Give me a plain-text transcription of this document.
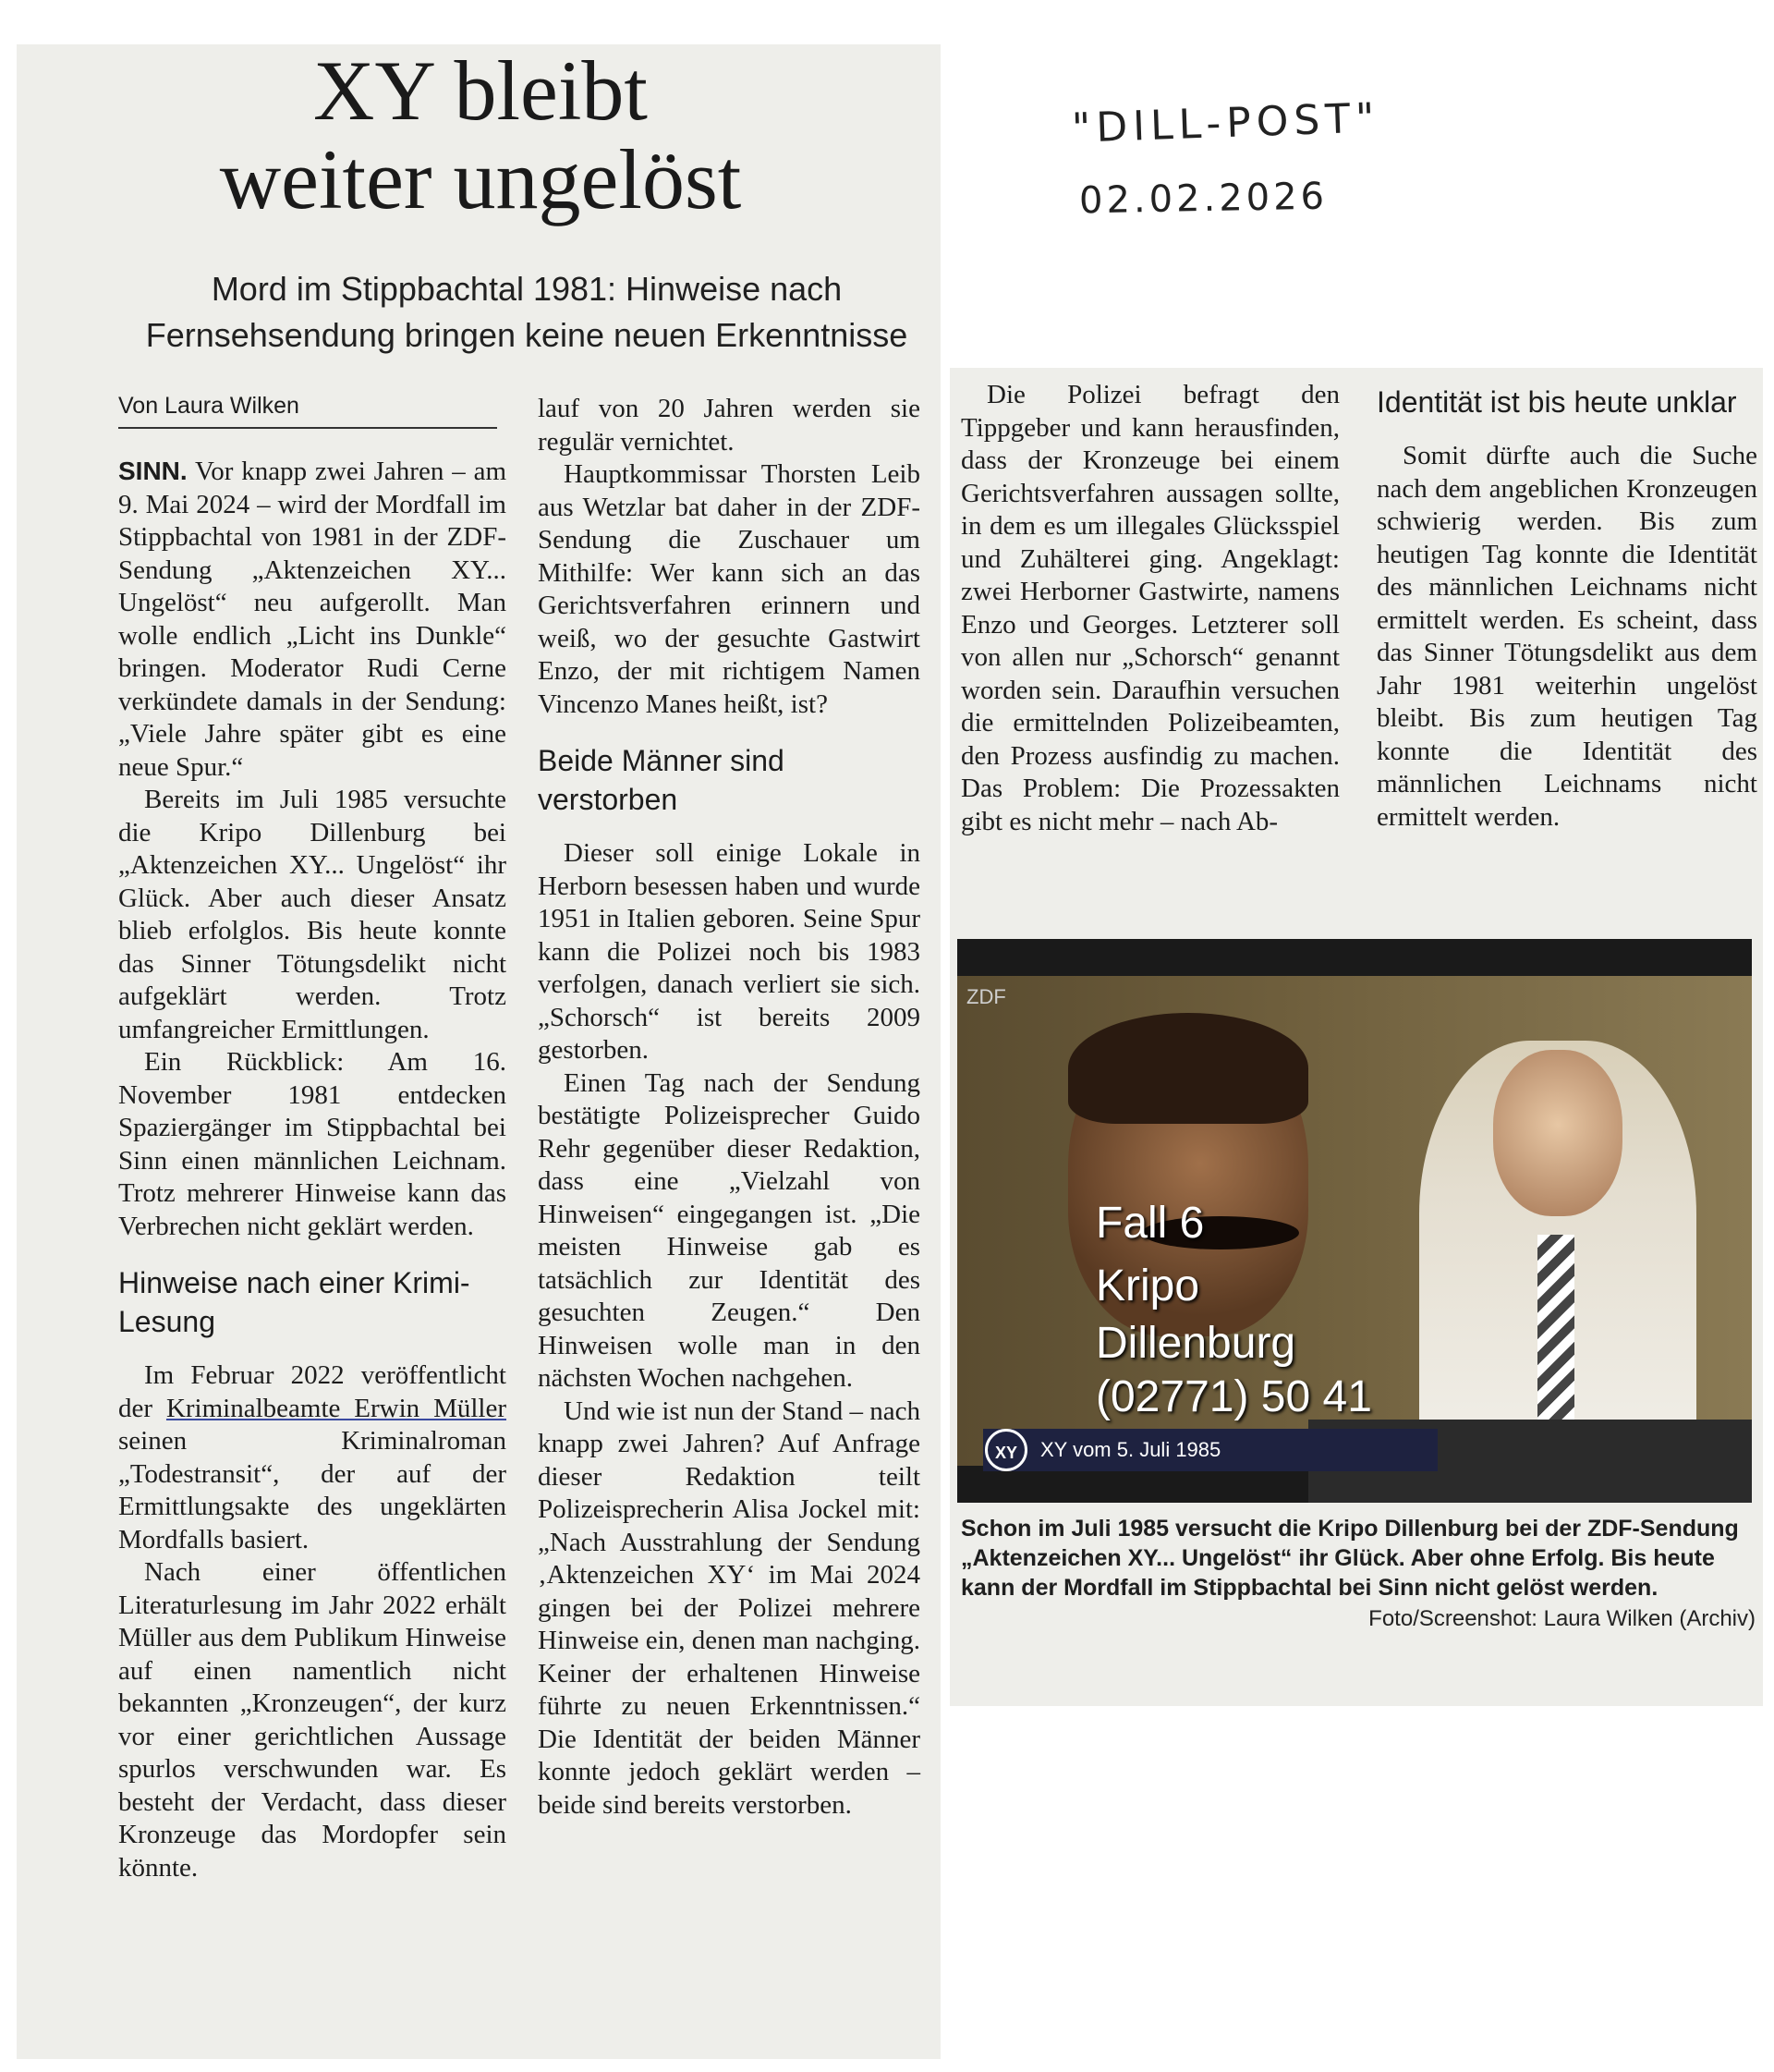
"DILL-POST"
02.02.2026
XY bleibt
weiter ungelöst
Mord im Stippbachtal 1981: Hinweise nach
Fernsehsendung bringen keine neuen Erkenntnisse
Von Laura Wilken

SINN. Vor knapp zwei Jahren – am 9. Mai 2024 – wird der Mordfall im Stippbachtal von 1981 in der ZDF-Sendung „Aktenzeichen XY... Ungelöst“ neu aufgerollt. Man wolle endlich „Licht ins Dunkle“ bringen. Moderator Rudi Cerne verkündete damals in der Sendung: „Viele Jahre später gibt es eine neue Spur.“

Bereits im Juli 1985 versuchte die Kripo Dillenburg bei „Aktenzeichen XY... Ungelöst“ ihr Glück. Aber auch dieser Ansatz blieb erfolglos. Bis heute konnte das Sinner Tötungsdelikt nicht aufgeklärt werden. Trotz umfangreicher Ermittlungen.

Ein Rückblick: Am 16. November 1981 entdecken Spaziergänger im Stippbachtal bei Sinn einen männlichen Leichnam. Trotz mehrerer Hinweise kann das Verbrechen nicht geklärt werden.

Hinweise nach einer Krimi-Lesung

Im Februar 2022 veröffentlicht der Kriminalbeamte Erwin Müller seinen Kriminalroman „Todestransit“, der auf der Ermittlungsakte des ungeklärten Mordfalls basiert.

Nach einer öffentlichen Literaturlesung im Jahr 2022 erhält Müller aus dem Publikum Hinweise auf einen namentlich nicht bekannten „Kronzeugen“, der kurz vor einer gerichtlichen Aussage spurlos verschwunden war. Es besteht der Verdacht, dass dieser Kronzeuge das Mordopfer sein könnte.

lauf von 20 Jahren werden sie regulär vernichtet.

Hauptkommissar Thorsten Leib aus Wetzlar bat daher in der ZDF-Sendung die Zuschauer um Mithilfe: Wer kann sich an das Gerichtsverfahren erinnern und weiß, wo der gesuchte Gastwirt Enzo, der mit richtigem Namen Vincenzo Manes heißt, ist?

Beide Männer sind verstorben

Dieser soll einige Lokale in Herborn besessen haben und wurde 1951 in Italien geboren. Seine Spur kann die Polizei noch bis 1983 verfolgen, danach verliert sie sich. „Schorsch“ ist bereits 2009 gestorben.

Einen Tag nach der Sendung bestätigte Polizeisprecher Guido Rehr gegenüber dieser Redaktion, dass eine „Vielzahl von Hinweisen“ eingegangen ist. „Die meisten Hinweise gab es tatsächlich zur Identität des gesuchten Zeugen.“ Den Hinweisen wolle man in den nächsten Wochen nachgehen.

Und wie ist nun der Stand – nach knapp zwei Jahren? Auf Anfrage dieser Redaktion teilt Polizeisprecherin Alisa Jockel mit: „Nach Ausstrahlung der Sendung ‚Aktenzeichen XY‘ im Mai 2024 gingen bei der Polizei mehrere Hinweise ein, denen man nachging. Keiner der erhaltenen Hinweise führte zu neuen Erkenntnissen.“ Die Identität der beiden Männer konnte jedoch geklärt werden – beide sind bereits verstorben.

Die Polizei befragt den Tippgeber und kann herausfinden, dass der Kronzeuge bei einem Gerichtsverfahren aussagen sollte, in dem es um illegales Glücksspiel und Zuhälterei ging. Angeklagt: zwei Herborner Gastwirte, namens Enzo und Georges. Letzterer soll von allen nur „Schorsch“ genannt worden sein. Daraufhin versuchen die ermittelnden Polizeibeamten, den Prozess ausfindig zu machen. Das Problem: Die Prozessakten gibt es nicht mehr – nach Ab-

Identität ist bis heute unklar

Somit dürfte auch die Suche nach dem angeblichen Kronzeugen schwierig werden. Bis zum heutigen Tag konnte die Identität des männlichen Leichnams nicht ermittelt werden. Es scheint, dass das Sinner Tötungsdelikt aus dem Jahr 1981 weiterhin ungelöst bleibt. Bis zum heutigen Tag konnte die Identität des männlichen Leichnams nicht ermittelt werden.

ZDF
Fall 6
Kripo
Dillenburg
(02771) 50 41
XY vom 5. Juli 1985
XY
Schon im Juli 1985 versucht die Kripo Dillenburg bei der ZDF-Sendung „Aktenzeichen XY... Ungelöst“ ihr Glück. Aber ohne Erfolg. Bis heute kann der Mordfall im Stippbachtal bei Sinn nicht gelöst werden.
Foto/Screenshot: Laura Wilken (Archiv)
